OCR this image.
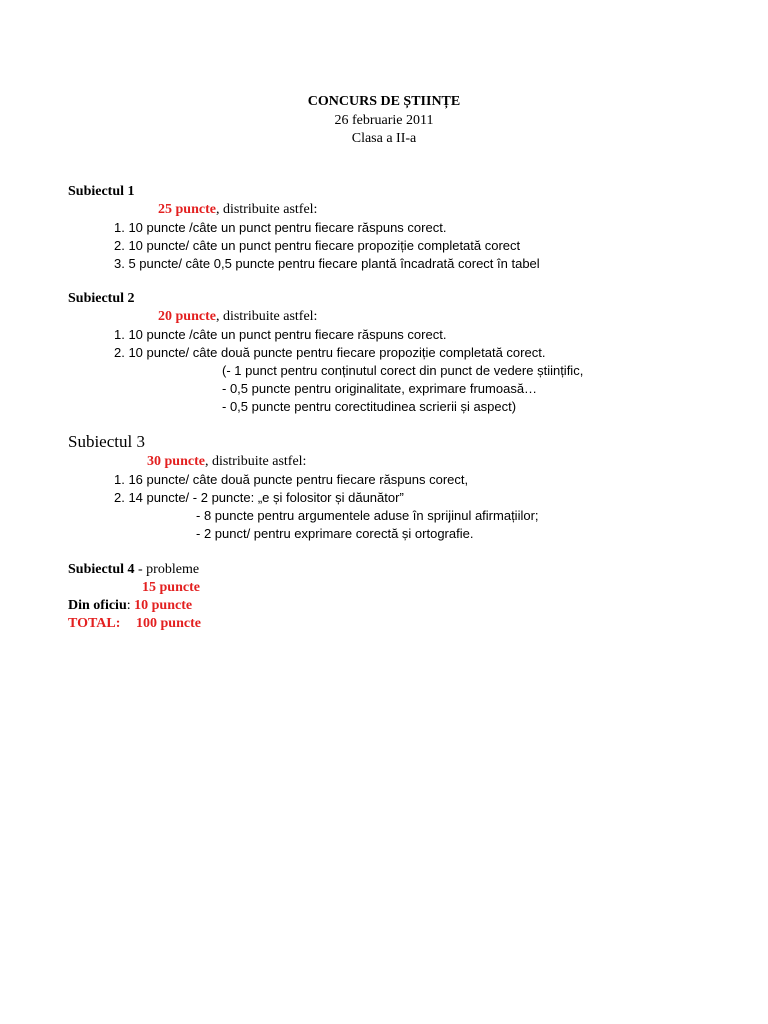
CONCURS DE ȘTIINȚE
26 februarie 2011
Clasa a II-a
Subiectul 1
25 puncte, distribuite astfel:
1. 10 puncte /câte un punct pentru fiecare răspuns corect.
2. 10 puncte/ câte un punct pentru fiecare propoziție completată corect
3. 5 puncte/ câte 0,5 puncte pentru fiecare plantă încadrată corect în tabel
Subiectul 2
20 puncte, distribuite astfel:
1. 10 puncte /câte un punct pentru fiecare răspuns corect.
2. 10 puncte/ câte două puncte pentru fiecare propoziție completată corect.
(- 1 punct pentru conținutul corect din punct de vedere științific,
- 0,5 puncte pentru originalitate, exprimare frumoasă…
- 0,5 puncte pentru corectitudinea scrierii și aspect)
Subiectul 3
30 puncte, distribuite astfel:
1. 16 puncte/ câte două puncte pentru fiecare răspuns corect,
2. 14 puncte/ - 2 puncte: „e și folositor și dăunător”
- 8 puncte pentru argumentele aduse în sprijinul afirmațiilor;
- 2 punct/ pentru exprimare corectă și ortografie.
Subiectul 4 - probleme
15 puncte
Din oficiu: 10 puncte
TOTAL: 100 puncte
